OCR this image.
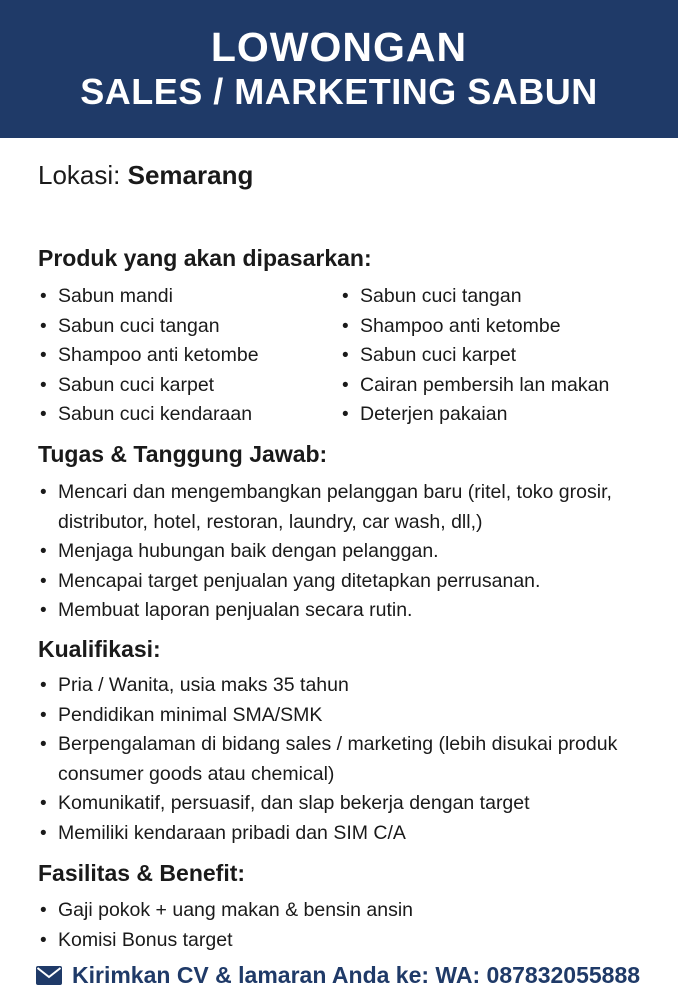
LOWONGAN
SALES / MARKETING SABUN
Lokasi: Semarang
Produk yang akan dipasarkan:
• Sabun mandi
• Sabun cuci tangan
• Shampoo anti ketombe
• Sabun cuci karpet
• Sabun cuci kendaraan
• Sabun cuci tangan
• Shampoo anti ketombe
• Sabun cuci karpet
• Cairan pembersih lan makan
• Deterjen pakaian
Tugas & Tanggung Jawab:
• Mencari dan mengembangkan pelanggan baru (ritel, toko grosir, distributor, hotel, restoran, laundry, car wash, dll,)
• Menjaga hubungan baik dengan pelanggan.
• Mencapai target penjualan yang ditetapkan perrusanan.
• Membuat laporan penjualan secara rutin.
Kualifikasi:
• Pria / Wanita, usia maks 35 tahun
• Pendidikan minimal SMA/SMK
• Berpengalaman di bidang sales / marketing (lebih disukai produk consumer goods atau chemical)
• Komunikatif, persuasif, dan slap bekerja dengan target
• Memiliki kendaraan pribadi dan SIM C/A
Fasilitas & Benefit:
• Gaji pokok + uang makan & bensin ansin
• Komisi Bonus target
Kirimkan CV & lamaran Anda ke: WA: 087832055888
